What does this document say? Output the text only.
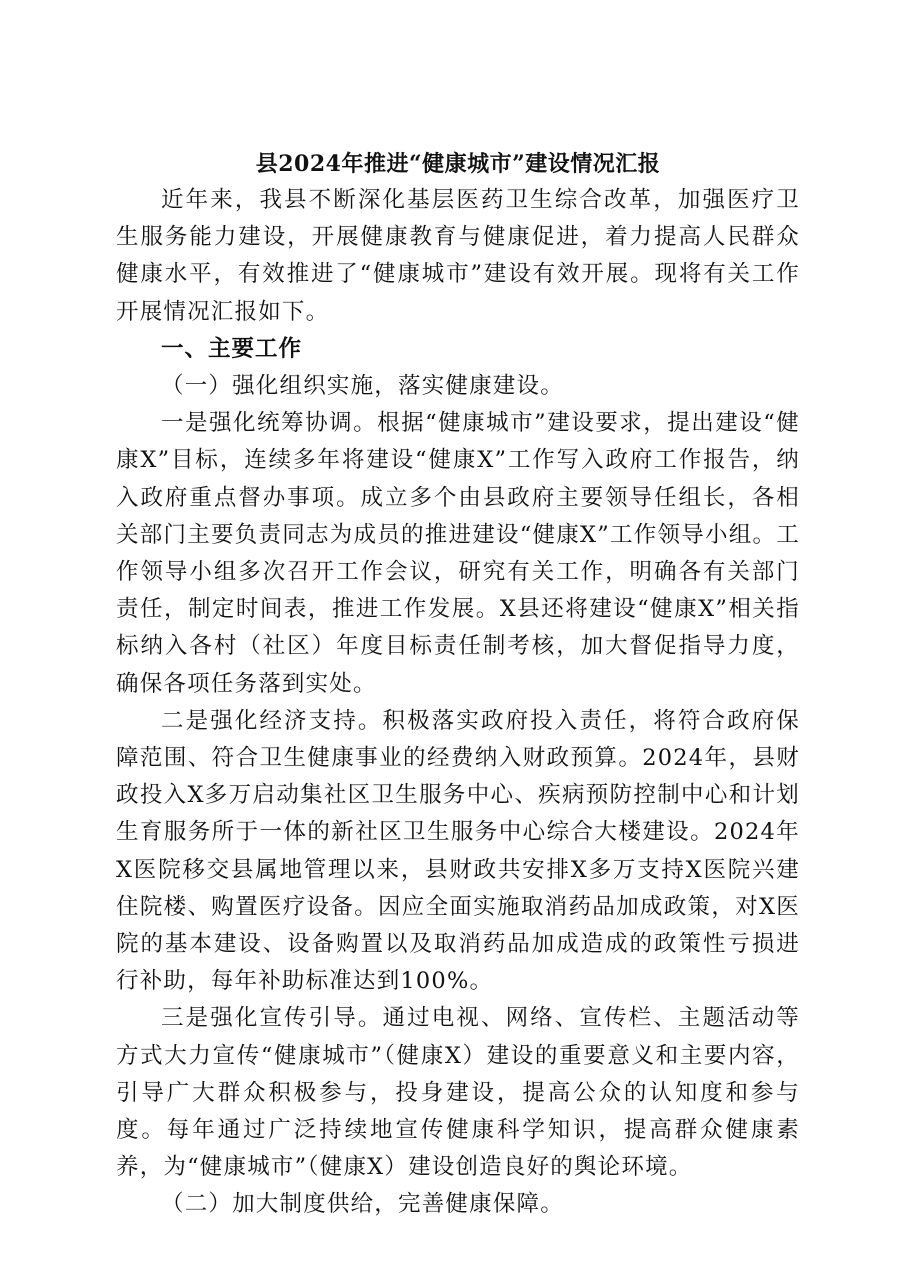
县2024年推进“健康城市”建设情况汇报

近年来，我县不断深化基层医药卫生综合改革，加强医疗卫生服务能力建设，开展健康教育与健康促进，着力提高人民群众健康水平，有效推进了“健康城市”建设有效开展。现将有关工作开展情况汇报如下。

一、主要工作

（一）强化组织实施，落实健康建设。

一是强化统筹协调。根据“健康城市”建设要求，提出建设“健康X”目标，连续多年将建设“健康X”工作写入政府工作报告，纳入政府重点督办事项。成立多个由县政府主要领导任组长，各相关部门主要负责同志为成员的推进建设“健康X”工作领导小组。工作领导小组多次召开工作会议，研究有关工作，明确各有关部门责任，制定时间表，推进工作发展。X县还将建设“健康X”相关指标纳入各村（社区）年度目标责任制考核，加大督促指导力度，确保各项任务落到实处。

二是强化经济支持。积极落实政府投入责任，将符合政府保障范围、符合卫生健康事业的经费纳入财政预算。2024年，县财政投入X多万启动集社区卫生服务中心、疾病预防控制中心和计划生育服务所于一体的新社区卫生服务中心综合大楼建设。2024年X医院移交县属地管理以来，县财政共安排X多万支持X医院兴建住院楼、购置医疗设备。因应全面实施取消药品加成政策，对X医院的基本建设、设备购置以及取消药品加成造成的政策性亏损进行补助，每年补助标准达到100%。

三是强化宣传引导。通过电视、网络、宣传栏、主题活动等方式大力宣传“健康城市”（健康X）建设的重要意义和主要内容，引导广大群众积极参与，投身建设，提高公众的认知度和参与度。每年通过广泛持续地宣传健康科学知识，提高群众健康素养，为“健康城市”（健康X）建设创造良好的舆论环境。

（二）加大制度供给，完善健康保障。
